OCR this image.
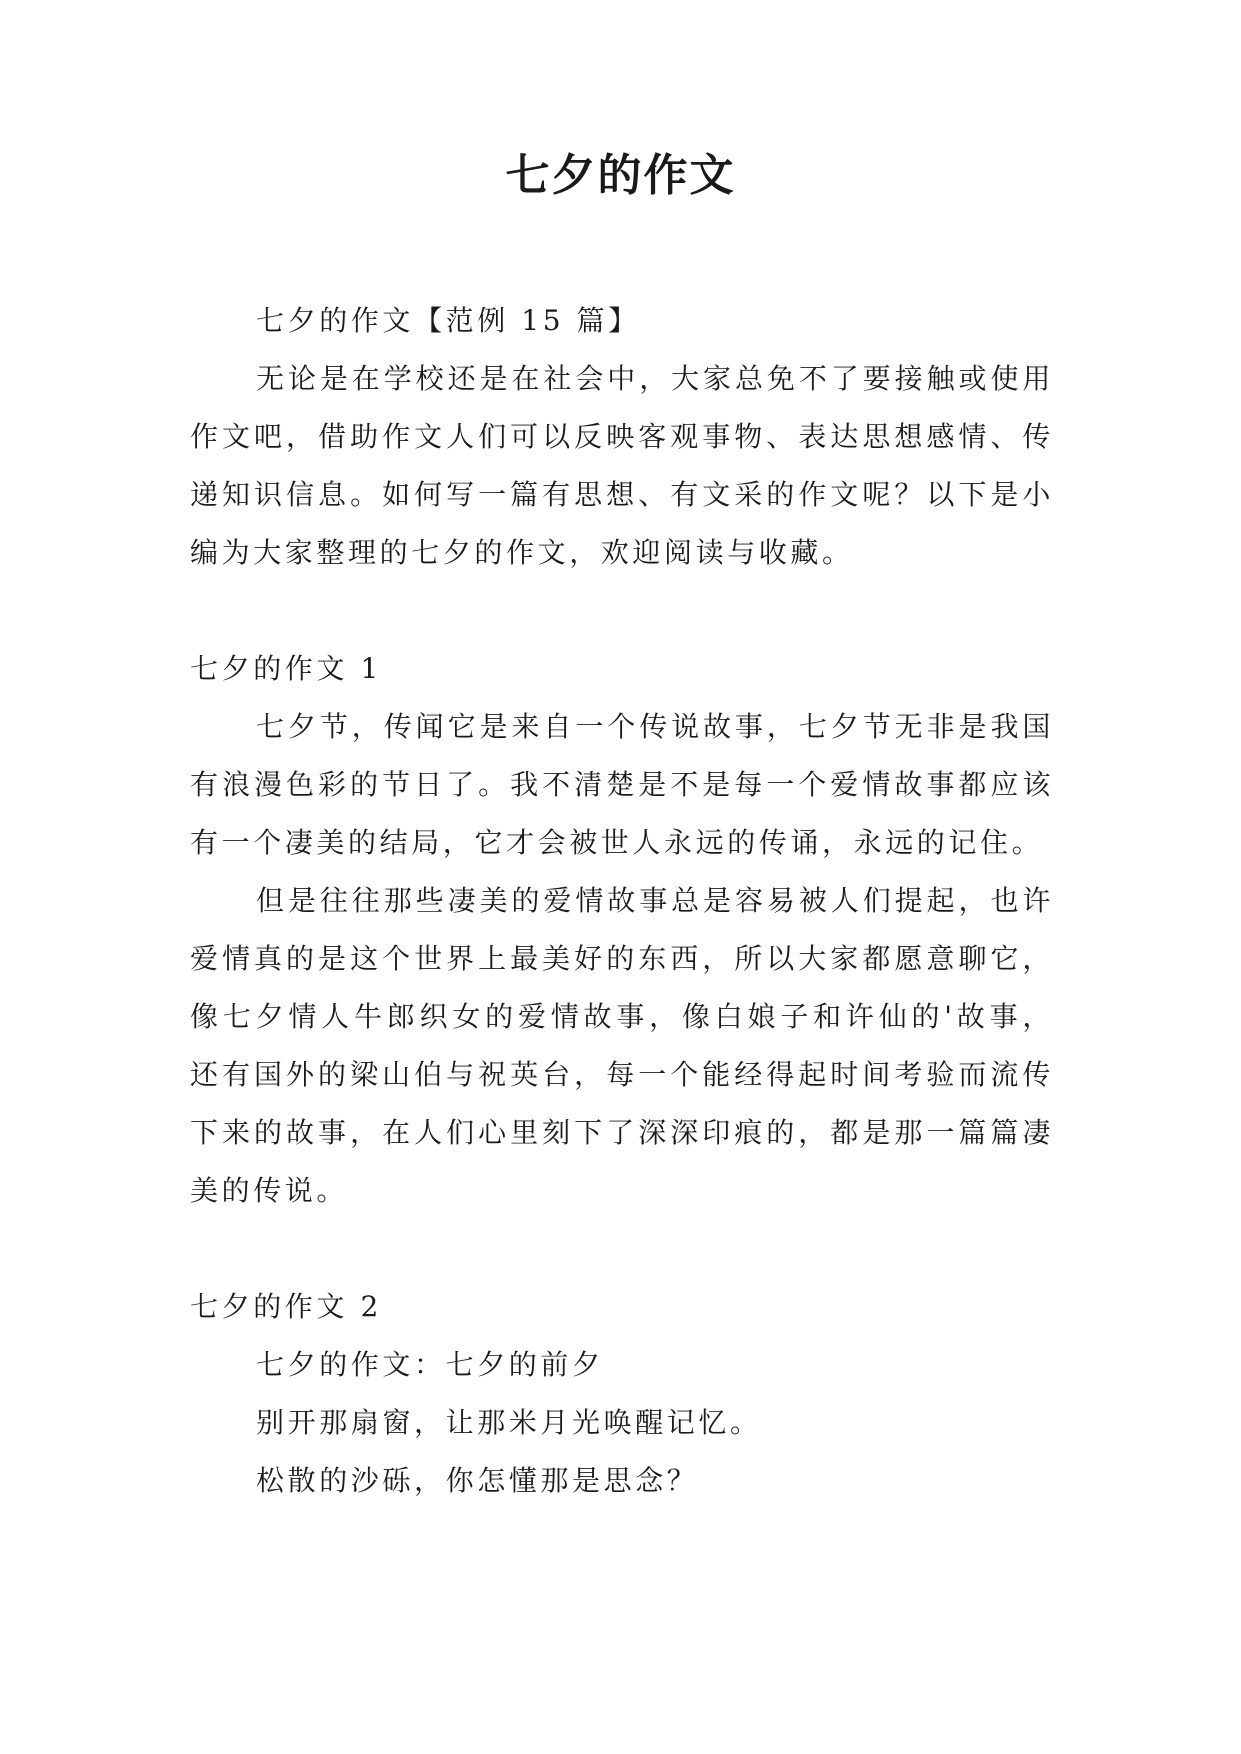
七夕的作文

七夕的作文【范例 15 篇】

无论是在学校还是在社会中，大家总免不了要接触或使用作文吧，借助作文人们可以反映客观事物、表达思想感情、传递知识信息。如何写一篇有思想、有文采的作文呢？以下是小编为大家整理的七夕的作文，欢迎阅读与收藏。

七夕的作文 1

七夕节，传闻它是来自一个传说故事，七夕节无非是我国有浪漫色彩的节日了。我不清楚是不是每一个爱情故事都应该有一个凄美的结局，它才会被世人永远的传诵，永远的记住。

但是往往那些凄美的爱情故事总是容易被人们提起，也许爱情真的是这个世界上最美好的东西，所以大家都愿意聊它，像七夕情人牛郎织女的爱情故事，像白娘子和许仙的'故事，还有国外的梁山伯与祝英台，每一个能经得起时间考验而流传下来的故事，在人们心里刻下了深深印痕的，都是那一篇篇凄美的传说。

七夕的作文 2

七夕的作文：七夕的前夕

别开那扇窗，让那米月光唤醒记忆。

松散的沙砾，你怎懂那是思念？
